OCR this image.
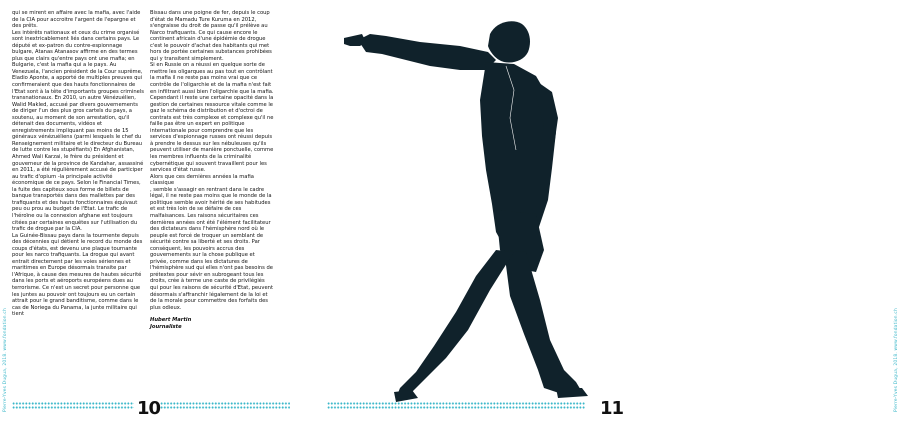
Pierre-Yves Dugua, 2018. www.fondation.ch

qui se mirent en affaire avec la mafia, avec l'aide de la CIA pour accroitre l'argent de l'epargne et des prêts.

Les intérêts nationaux et ceux du crime organisé sont inextricablement liés dans certains pays. Le député et ex-patron du contre-espionnage bulgare, Atanas Atanasov affirme en des termes plus que clairs qu'entre pays ont une mafia; en Bulgarie, c'est la mafia qui a le pays. Au Venezuela, l'ancien président de la Cour suprême, Eladio Aponte, a apporté de multiples preuves qui confirmeraient que des hauts fonctionnaires de l'Etat sont à la tête d'importants groupes criminels transnationaux. En 2010, un autre Vénézuélien, Walid Makled, accusé par divers gouvernements de diriger l'un des plus gros cartels du pays, a soutenu, au moment de son arrestation, qu'il détenait des documents, vidéos et enregistrements impliquant pas moins de 15 généraux vénézuéliens (parmi lesquels le chef du Renseignement militaire et le directeur du Bureau de lutte contre les stupéfiants) En Afghanistan, Ahmed Wali Karzai, le frère du président et gouverneur de la province de Kandahar, assassiné en 2011, a été régulièrement accusé de participer au trafic d'opium -la principale activité économique de ce pays. Selon le Financial Times, la fuite des capiteux sous forme de billets de banque transportés dans des mallettes par des trafiquants et des hauts fonctionnaires équivaut peu ou prou au budget de l'Etat. Le trafic de l'héroïne ou la connexion afghane est toujours citées par certaines enquêtes sur l'utilisation du trafic de drogue par la CIA.

La Guinée-Bissau pays dans la tourmente depuis des décennies qui détient le record du monde des coups d'états, est devenu une plaque tournante pour les narco trafiquants. La drogue qui avant entrait directement par les voies sériennes et maritimes en Europe désormais transite par l'Afrique, à cause des mesures de hautes sécurité dans les ports et aéroports européens dues au terrorisme. Ce n'est un secret pour personne que les juntes au pouvoir ont toujours eu un certain attrait pour le grand banditisme, comme dans le cas de Noriega du Panama, la junte militaire qui tient

Bissau dans une poigne de fer, depuis le coup d'état de Mamadu Ture Kuruma en 2012, s'engraisse du droit de passe qu'il prélève au Narco trafiquants. Ce qui cause encore le continent africain d'une épidémie de drogue c'est le pouvoir d'achat des habitants qui met hors de portée certaines substances prohibées qui y transitent simplement.

Si en Russie on a réussi en quelque sorte de mettre les oligarques au pas tout en contrôlant la mafia il ne reste pas moins vrai que ce contrôle de l'oligarchie et de la mafia n'est fait en infiltrant aussi bien l'oligarchie que la mafia. Cependant il reste une certaine opacité dans la gestion de certaines ressource vitale comme le gaz le schéma de distribution et d'octroi de contrats est très complexe et complexe qu'il ne faille pas être un expert en politique internationale pour comprendre que les services d'espionnage russes ont réussi depuis à prendre le dessus sur les nébuleuses qu'ils peuvent utiliser de manière ponctuelle, comme les membres influents de la criminalité cybernétique qui souvent travaillent pour les services d'état russe.

Alors que ces dernières années la mafia classique

, semble s'assagir en rentrant dans le cadre légal, il ne reste pas moins que le monde de la politique semble avoir hérité de ses habitudes et est très loin de se défaire de ces malfaisances. Les raisons sécuritaires ces dernières années ont été l'élément facilitateur des dictateurs dans l'hémisphère nord où le peuple est forcé de troquer un semblant de sécurité contre sa liberté et ses droits. Par conséquent, les pouvoirs accrus des gouvernements sur la chose publique et privée, comme dans les dictatures de l'hémisphère sud qui elles n'ont pas besoins de prétextes pour sévir en subrogeant tous les droits, crée à terme une caste de privilégiés qui pour les raisons de sécurité d'Etat, peuvent désormais s'affranchir légalement de la loi et de la morale pour commettre des forfaits des plus odieux.

Hubert Martin

Journaliste

10	11	Pierre-Yves Dugua, 2018. www.fondation.ch
